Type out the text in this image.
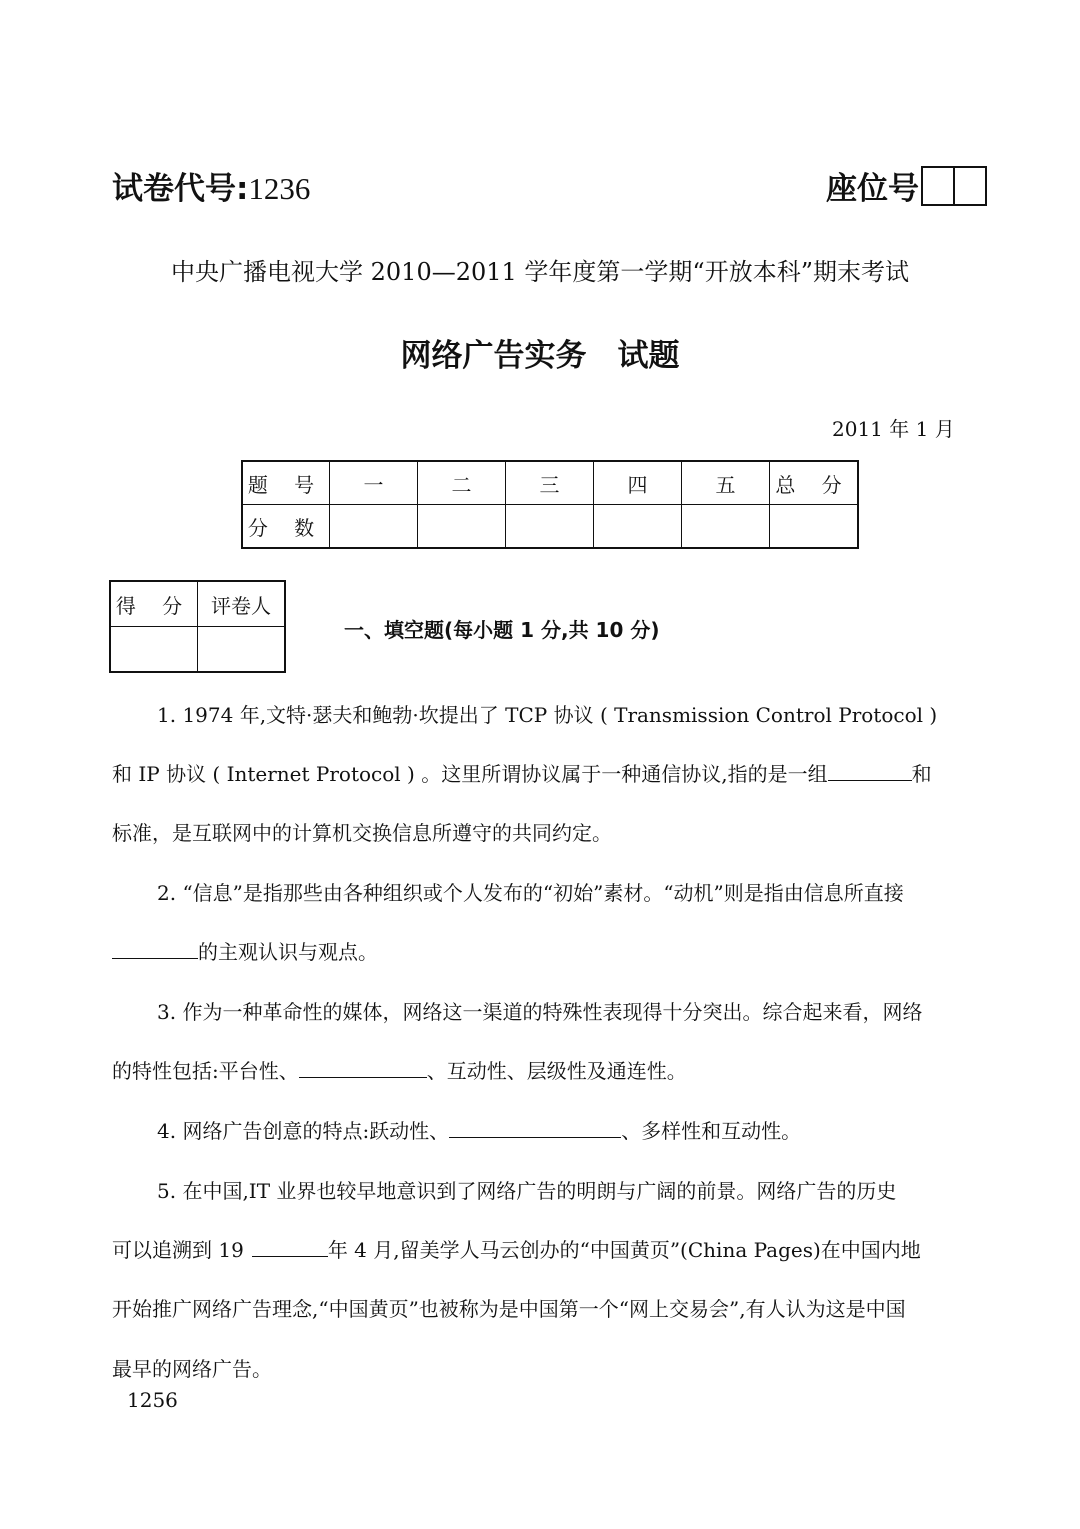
试卷代号:1236	座位号
中央广播电视大学 2010—2011 学年度第一学期“开放本科”期末考试
网络广告实务　试题
2011 年 1 月
题 号	一	二	三	四	五	总 分
分 数						
得 分	评卷人

一、填空题(每小题 1 分,共 10 分)
1. 1974 年,文特·瑟夫和鲍勃·坎提出了 TCP 协议 ( Transmission Control Protocol )
和 IP 协议 ( Internet Protocol ) 。这里所谓协议属于一种通信协议,指的是一组	和
标准，是互联网中的计算机交换信息所遵守的共同约定。
2. “信息”是指那些由各种组织或个人发布的“初始”素材。“动机”则是指由信息所直接
的主观认识与观点。
3. 作为一种革命性的媒体，网络这一渠道的特殊性表现得十分突出。综合起来看，网络
的特性包括:平台性、	、互动性、层级性及通连性。
4. 网络广告创意的特点:跃动性、	、多样性和互动性。
5. 在中国,IT 业界也较早地意识到了网络广告的明朗与广阔的前景。网络广告的历史
可以追溯到 19	年 4 月,留美学人马云创办的“中国黄页”(China Pages)在中国内地
开始推广网络广告理念,“中国黄页”也被称为是中国第一个“网上交易会”,有人认为这是中国
最早的网络广告。
1256
